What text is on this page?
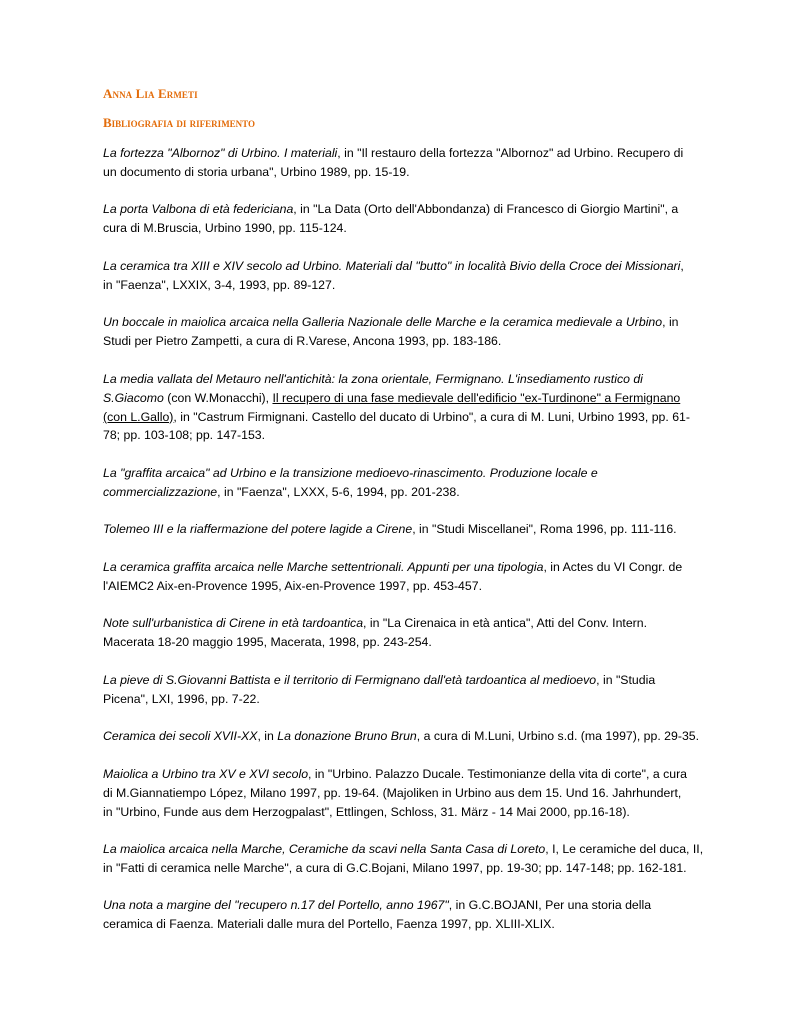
Anna Lia Ermeti
Bibliografia di riferimento
La fortezza "Albornoz" di Urbino. I materiali, in "Il restauro della fortezza "Albornoz" ad Urbino. Recupero di
un documento di storia urbana", Urbino 1989, pp. 15-19.
La porta Valbona di età federiciana, in "La Data (Orto dell'Abbondanza) di Francesco di Giorgio Martini", a
cura di M.Bruscia, Urbino 1990, pp. 115-124.
La ceramica tra XIII e XIV secolo ad Urbino. Materiali dal "butto" in località Bivio della Croce dei Missionari,
in "Faenza", LXXIX, 3-4, 1993, pp. 89-127.
Un boccale in maiolica arcaica nella Galleria Nazionale delle Marche e la ceramica medievale a Urbino, in
Studi per Pietro Zampetti, a cura di R.Varese, Ancona 1993, pp. 183-186.
La media vallata del Metauro nell'antichità: la zona orientale, Fermignano. L'insediamento rustico di
S.Giacomo (con W.Monacchi), Il recupero di una fase medievale dell'edificio "ex-Turdinone" a Fermignano
(con L.Gallo), in "Castrum Firmignani. Castello del ducato di Urbino", a cura di M. Luni, Urbino 1993, pp. 61-
78; pp. 103-108; pp. 147-153.
La "graffita arcaica" ad Urbino e la transizione medioevo-rinascimento. Produzione locale e
commercializzazione, in "Faenza", LXXX, 5-6, 1994, pp. 201-238.
Tolemeo III e la riaffermazione del potere lagide a Cirene, in "Studi Miscellanei", Roma 1996, pp. 111-116.
La ceramica graffita arcaica nelle Marche settentrionali. Appunti per una tipologia, in Actes du VI Congr. de
l'AIEMC2 Aix-en-Provence 1995, Aix-en-Provence 1997, pp. 453-457.
Note sull'urbanistica di Cirene in età tardoantica, in "La Cirenaica in età antica", Atti del Conv. Intern.
Macerata 18-20 maggio 1995, Macerata, 1998, pp. 243-254.
La pieve di S.Giovanni Battista e il territorio di Fermignano dall'età tardoantica al medioevo, in "Studia
Picena", LXI, 1996, pp. 7-22.
Ceramica dei secoli XVII-XX, in La donazione Bruno Brun, a cura di M.Luni, Urbino s.d. (ma 1997), pp. 29-35.
Maiolica a Urbino tra XV e XVI secolo, in "Urbino. Palazzo Ducale. Testimonianze della vita di corte", a cura
di M.Giannatiempo López, Milano 1997, pp. 19-64. (Majoliken in Urbino aus dem 15. Und 16. Jahrhundert,
in "Urbino, Funde aus dem Herzogpalast", Ettlingen, Schloss, 31. März - 14 Mai 2000, pp.16-18).
La maiolica arcaica nella Marche, Ceramiche da scavi nella Santa Casa di Loreto, I, Le ceramiche del duca, II,
in "Fatti di ceramica nelle Marche", a cura di G.C.Bojani, Milano 1997, pp. 19-30; pp. 147-148; pp. 162-181.
Una nota a margine del "recupero n.17 del Portello, anno 1967", in G.C.BOJANI, Per una storia della
ceramica di Faenza. Materiali dalle mura del Portello, Faenza 1997, pp. XLIII-XLIX.
